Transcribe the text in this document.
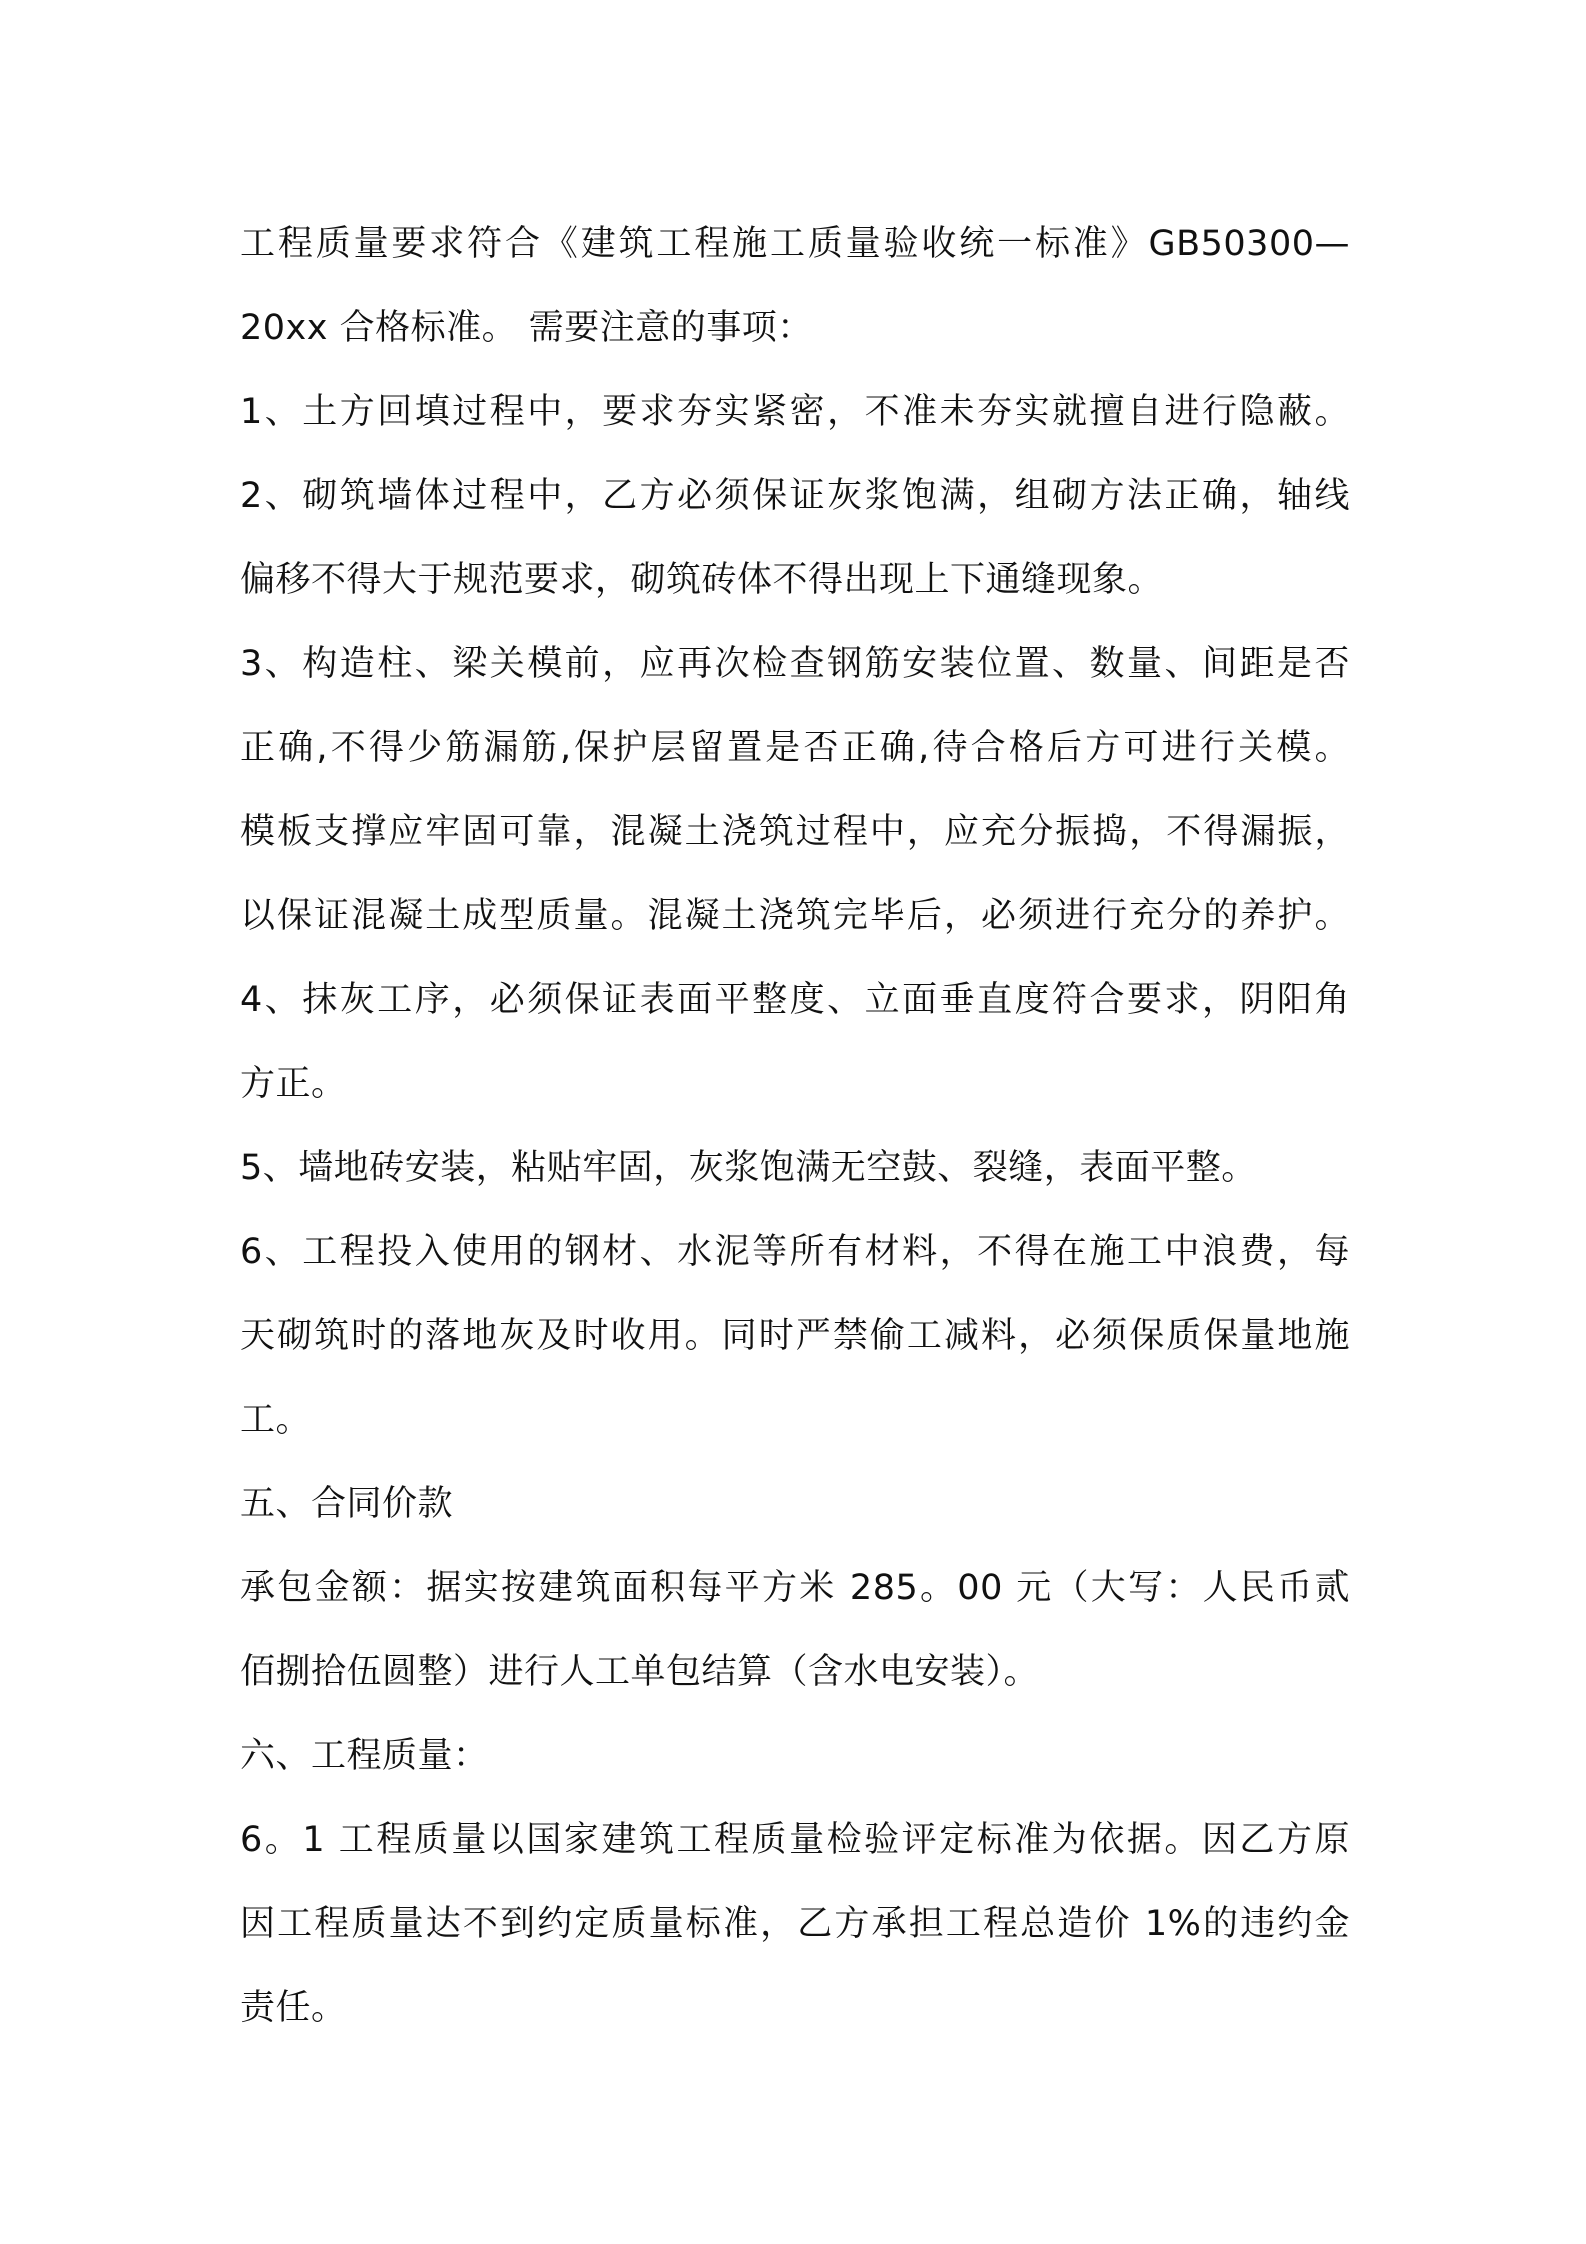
工程质量要求符合《建筑工程施工质量验收统一标准》GB50300—
20xx 合格标准。 需要注意的事项：
1、土方回填过程中，要求夯实紧密，不准未夯实就擅自进行隐蔽。
2、砌筑墙体过程中，乙方必须保证灰浆饱满，组砌方法正确，轴线
偏移不得大于规范要求，砌筑砖体不得出现上下通缝现象。
3、构造柱、梁关模前，应再次检查钢筋安装位置、数量、间距是否
正确,不得少筋漏筋,保护层留置是否正确,待合格后方可进行关模。
模板支撑应牢固可靠，混凝土浇筑过程中，应充分振捣，不得漏振，
以保证混凝土成型质量。混凝土浇筑完毕后，必须进行充分的养护。
4、抹灰工序，必须保证表面平整度、立面垂直度符合要求，阴阳角
方正。
5、墙地砖安装，粘贴牢固，灰浆饱满无空鼓、裂缝，表面平整。
6、工程投入使用的钢材、水泥等所有材料，不得在施工中浪费，每
天砌筑时的落地灰及时收用。同时严禁偷工减料，必须保质保量地施
工。
五、合同价款
承包金额：据实按建筑面积每平方米 285。00 元（大写：人民币贰
佰捌拾伍圆整）进行人工单包结算（含水电安装）。
六、工程质量：
6。1 工程质量以国家建筑工程质量检验评定标准为依据。因乙方原
因工程质量达不到约定质量标准，乙方承担工程总造价 1%的违约金
责任。
